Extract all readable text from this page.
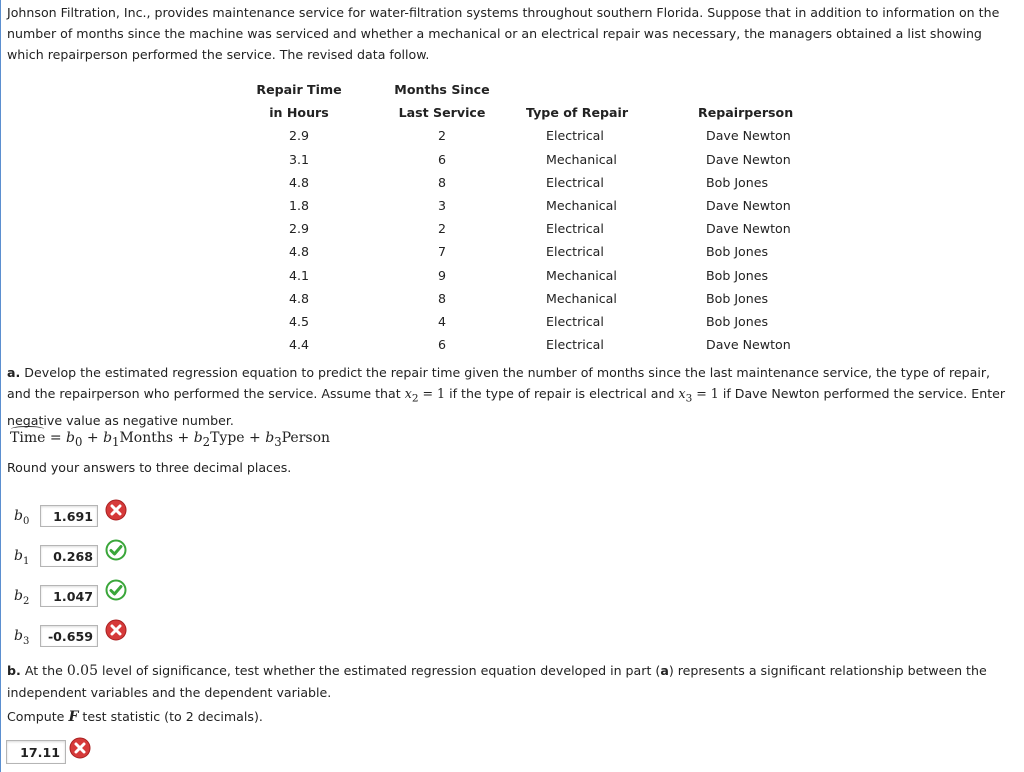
Johnson Filtration, Inc., provides maintenance service for water-filtration systems throughout southern Florida. Suppose that in addition to information on the number of months since the machine was serviced and whether a mechanical or an electrical repair was necessary, the managers obtained a list showing which repairperson performed the service. The revised data follow.

Repair Time	Months Since		
in Hours	Last Service	Type of Repair	Repairperson
2.9	2	Electrical	Dave Newton
3.1	6	Mechanical	Dave Newton
4.8	8	Electrical	Bob Jones
1.8	3	Mechanical	Dave Newton
2.9	2	Electrical	Dave Newton
4.8	7	Electrical	Bob Jones
4.1	9	Mechanical	Bob Jones
4.8	8	Mechanical	Bob Jones
4.5	4	Electrical	Bob Jones
4.4	6	Electrical	Dave Newton

a. Develop the estimated regression equation to predict the repair time given the number of months since the last maintenance service, the type of repair, and the repairperson who performed the service. Assume that $x_2 = 1$ if the type of repair is electrical and $x_3 = 1$ if Dave Newton performed the service. Enter negative value as negative number.

Time = $b_0$ + $b_1Months$ + $b_2Type$ + $b_3Person$
Round your answers to three decimal places.
$b_0$	1.691
$b_1$	0.268
$b_2$	1.047
$b_3$	-0.659

b. At the 0.05 level of significance, test whether the estimated regression equation developed in part (a) represents a significant relationship between the independent variables and the dependent variable.

Compute F test statistic (to 2 decimals).
17.11
